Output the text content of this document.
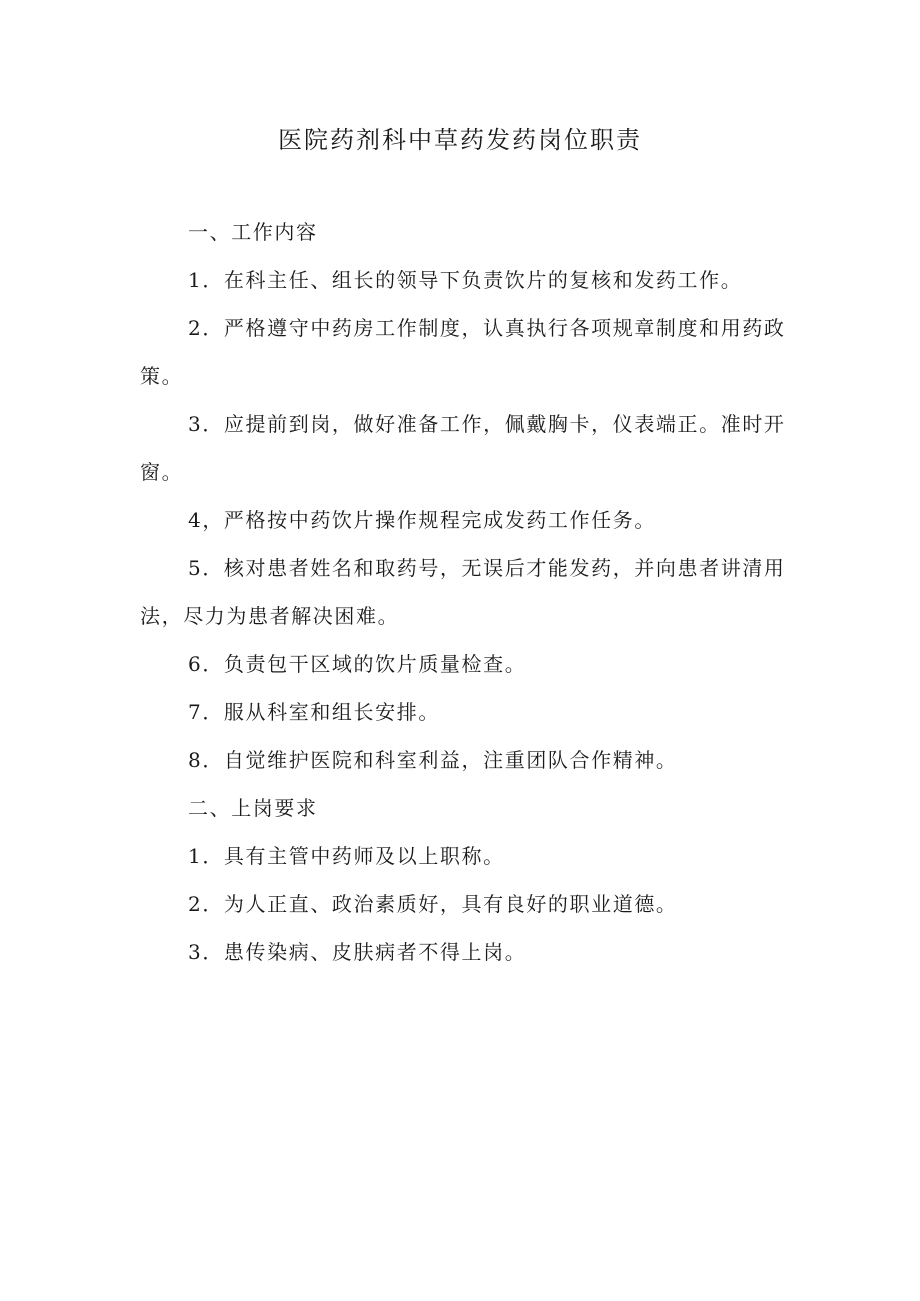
医院药剂科中草药发药岗位职责

一、工作内容

1．在科主任、组长的领导下负责饮片的复核和发药工作。

2．严格遵守中药房工作制度，认真执行各项规章制度和用药政策。

3．应提前到岗，做好准备工作，佩戴胸卡，仪表端正。准时开窗。

4，严格按中药饮片操作规程完成发药工作任务。

5．核对患者姓名和取药号，无误后才能发药，并向患者讲清用法，尽力为患者解决困难。

6．负责包干区域的饮片质量检查。

7．服从科室和组长安排。

8．自觉维护医院和科室利益，注重团队合作精神。

二、上岗要求

1．具有主管中药师及以上职称。

2．为人正直、政治素质好，具有良好的职业道德。

3．患传染病、皮肤病者不得上岗。
